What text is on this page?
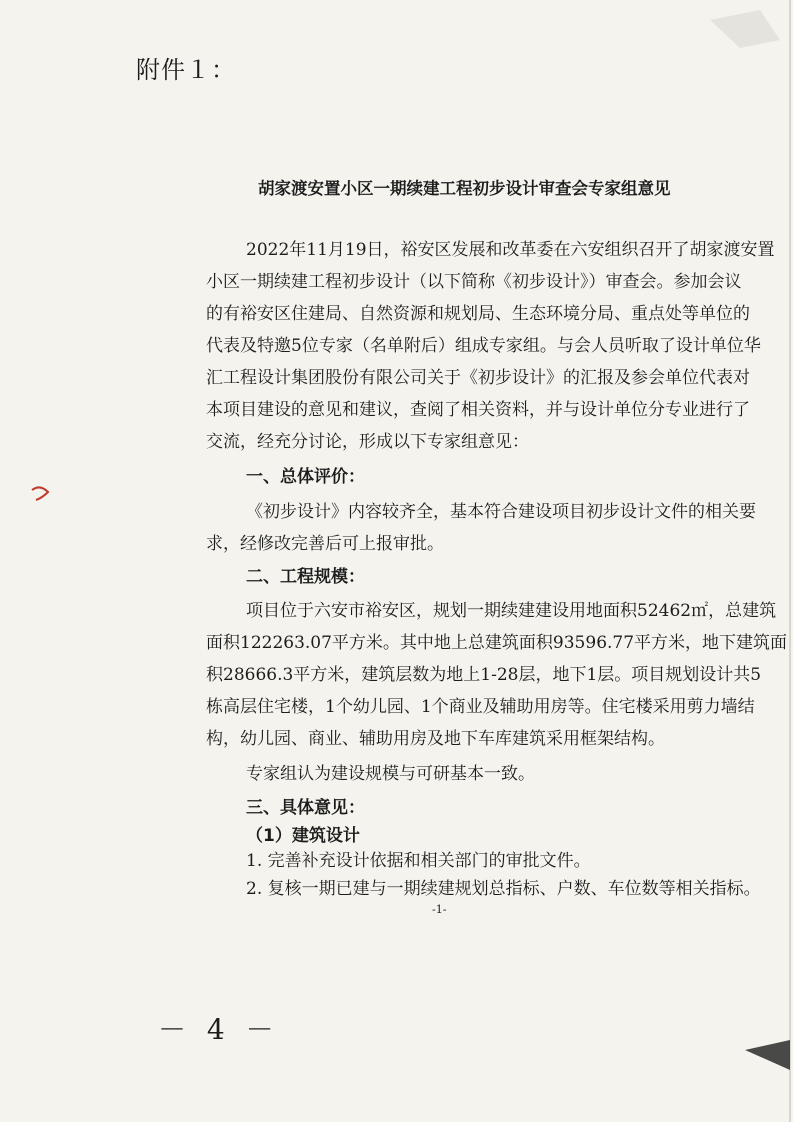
附件１：
胡家渡安置小区一期续建工程初步设计审查会专家组意见
2022年11月19日，裕安区发展和改革委在六安组织召开了胡家渡安置
小区一期续建工程初步设计（以下简称《初步设计》）审查会。参加会议
的有裕安区住建局、自然资源和规划局、生态环境分局、重点处等单位的
代表及特邀5位专家（名单附后）组成专家组。与会人员听取了设计单位华
汇工程设计集团股份有限公司关于《初步设计》的汇报及参会单位代表对
本项目建设的意见和建议，查阅了相关资料，并与设计单位分专业进行了
交流，经充分讨论，形成以下专家组意见：
一、总体评价：
《初步设计》内容较齐全，基本符合建设项目初步设计文件的相关要
求，经修改完善后可上报审批。
二、工程规模：
项目位于六安市裕安区，规划一期续建建设用地面积52462㎡，总建筑
面积122263.07平方米。其中地上总建筑面积93596.77平方米，地下建筑面
积28666.3平方米，建筑层数为地上1-28层，地下1层。项目规划设计共5
栋高层住宅楼，1个幼儿园、1个商业及辅助用房等。住宅楼采用剪力墙结
构，幼儿园、商业、辅助用房及地下车库建筑采用框架结构。
专家组认为建设规模与可研基本一致。
三、具体意见：
（1）建筑设计
1. 完善补充设计依据和相关部门的审批文件。
2. 复核一期已建与一期续建规划总指标、户数、车位数等相关指标。
-1-
－ 4 －
